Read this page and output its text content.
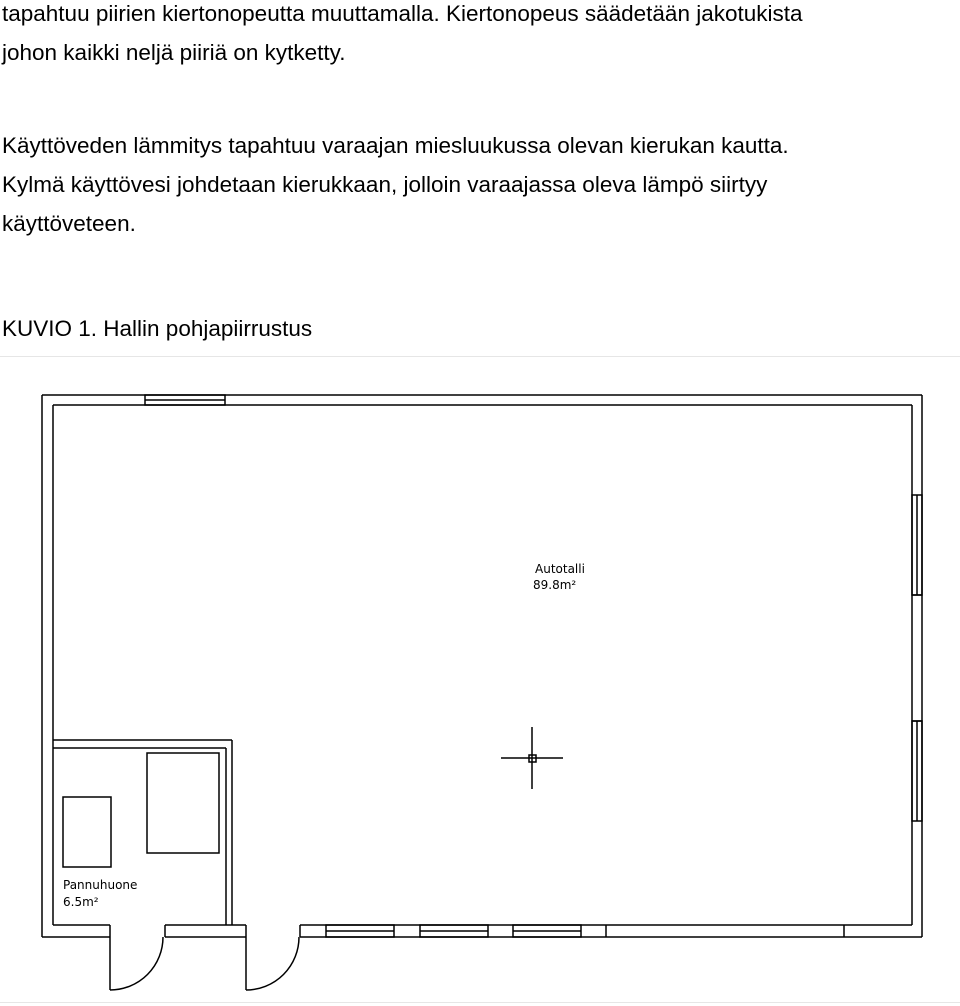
tapahtuu piirien kiertonopeutta muuttamalla. Kiertonopeus säädetään jakotukista
johon kaikki neljä piiriä on kytketty.
Käyttöveden lämmitys tapahtuu varaajan miesluukussa olevan kierukan kautta.
Kylmä käyttövesi johdetaan kierukkaan, jolloin varaajassa oleva lämpö siirtyy
käyttöveteen.
KUVIO 1. Hallin pohjapiirrustus
Autotalli
89.8m²
Pannuhuone
6.5m²
